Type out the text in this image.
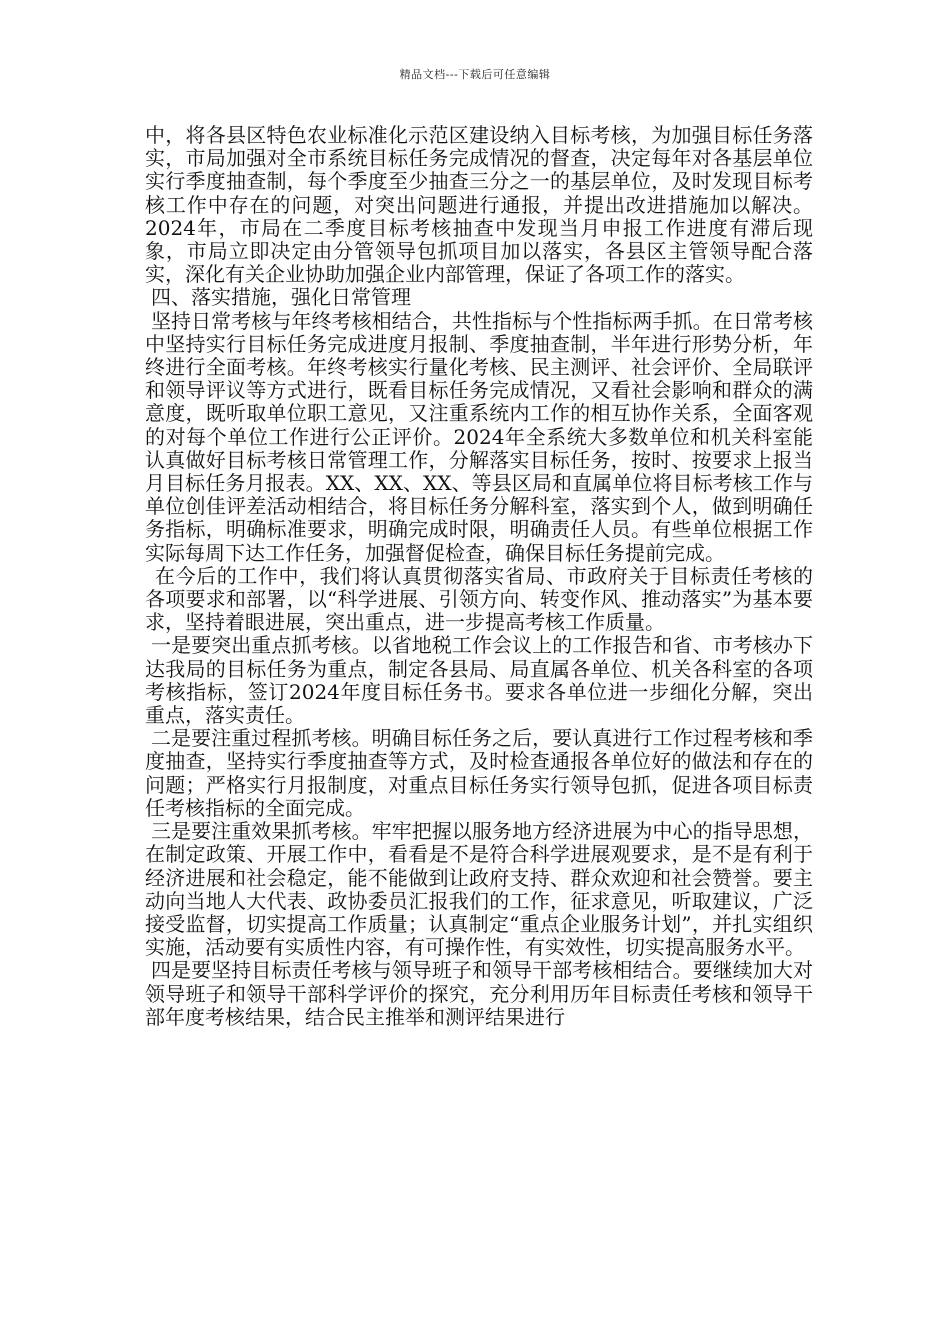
精品文档---下载后可任意编辑

中，将各县区特色农业标准化示范区建设纳入目标考核，为加强目标任务落实，市局加强对全市系统目标任务完成情况的督查，决定每年对各基层单位实行季度抽查制，每个季度至少抽查三分之一的基层单位，及时发现目标考核工作中存在的问题，对突出问题进行通报，并提出改进措施加以解决。2024年，市局在二季度目标考核抽查中发现当月申报工作进度有滞后现象，市局立即决定由分管领导包抓项目加以落实，各县区主管领导配合落实，深化有关企业协助加强企业内部管理，保证了各项工作的落实。

四、落实措施，强化日常管理

坚持日常考核与年终考核相结合，共性指标与个性指标两手抓。在日常考核中坚持实行目标任务完成进度月报制、季度抽查制，半年进行形势分析，年终进行全面考核。年终考核实行量化考核、民主测评、社会评价、全局联评和领导评议等方式进行，既看目标任务完成情况，又看社会影响和群众的满意度，既听取单位职工意见，又注重系统内工作的相互协作关系，全面客观的对每个单位工作进行公正评价。2024年全系统大多数单位和机关科室能认真做好目标考核日常管理工作，分解落实目标任务，按时、按要求上报当月目标任务月报表。XX、XX、XX、等县区局和直属单位将目标考核工作与单位创佳评差活动相结合，将目标任务分解科室，落实到个人，做到明确任务指标，明确标准要求，明确完成时限，明确责任人员。有些单位根据工作实际每周下达工作任务，加强督促检查，确保目标任务提前完成。

在今后的工作中，我们将认真贯彻落实省局、市政府关于目标责任考核的各项要求和部署，以“科学进展、引领方向、转变作风、推动落实”为基本要求，坚持着眼进展，突出重点，进一步提高考核工作质量。

一是要突出重点抓考核。以省地税工作会议上的工作报告和省、市考核办下达我局的目标任务为重点，制定各县局、局直属各单位、机关各科室的各项考核指标，签订2024年度目标任务书。要求各单位进一步细化分解，突出重点，落实责任。

二是要注重过程抓考核。明确目标任务之后，要认真进行工作过程考核和季度抽查，坚持实行季度抽查等方式，及时检查通报各单位好的做法和存在的问题；严格实行月报制度，对重点目标任务实行领导包抓，促进各项目标责任考核指标的全面完成。

三是要注重效果抓考核。牢牢把握以服务地方经济进展为中心的指导思想，在制定政策、开展工作中，看看是不是符合科学进展观要求，是不是有利于经济进展和社会稳定，能不能做到让政府支持、群众欢迎和社会赞誉。要主动向当地人大代表、政协委员汇报我们的工作，征求意见，听取建议，广泛接受监督，切实提高工作质量；认真制定“重点企业服务计划”，并扎实组织实施，活动要有实质性内容，有可操作性，有实效性，切实提高服务水平。

四是要坚持目标责任考核与领导班子和领导干部考核相结合。要继续加大对领导班子和领导干部科学评价的探究，充分利用历年目标责任考核和领导干部年度考核结果，结合民主推举和测评结果进行
